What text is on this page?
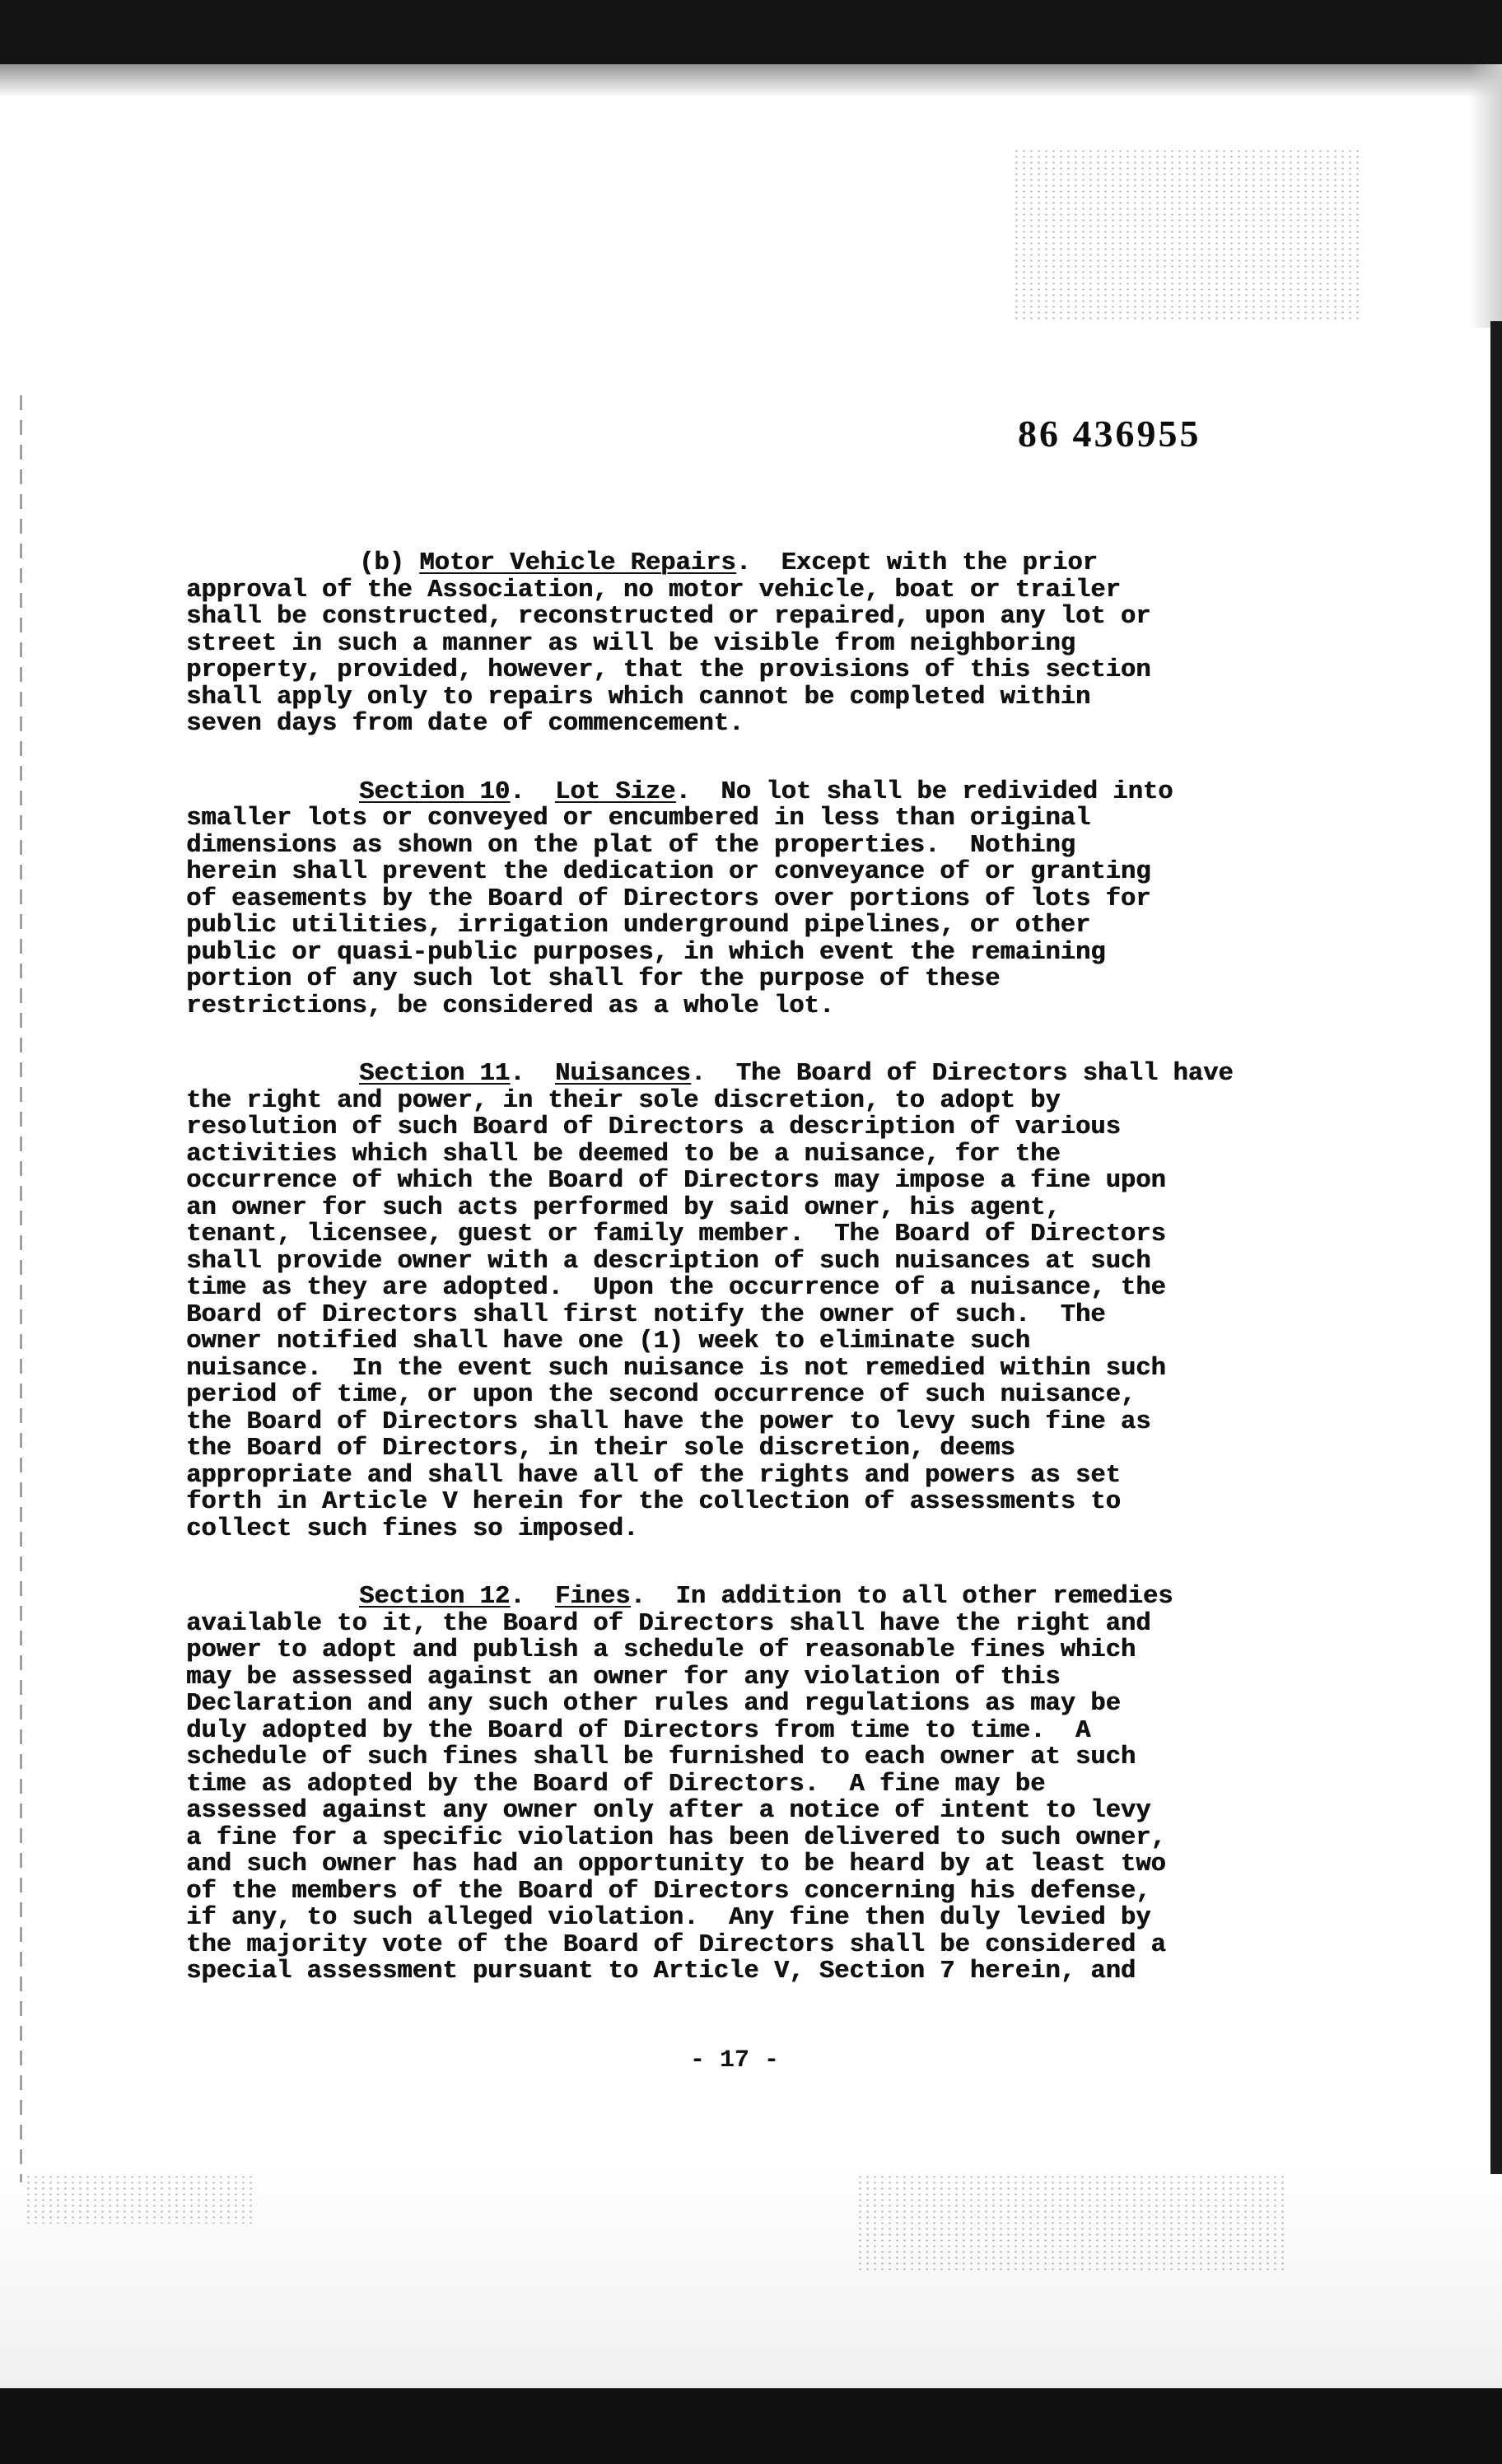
86 436955
(b) Motor Vehicle Repairs.  Except with the prior
approval of the Association, no motor vehicle, boat or trailer
shall be constructed, reconstructed or repaired, upon any lot or
street in such a manner as will be visible from neighboring
property, provided, however, that the provisions of this section
shall apply only to repairs which cannot be completed within
seven days from date of commencement.
Section 10.  Lot Size.  No lot shall be redivided into
smaller lots or conveyed or encumbered in less than original
dimensions as shown on the plat of the properties.  Nothing
herein shall prevent the dedication or conveyance of or granting
of easements by the Board of Directors over portions of lots for
public utilities, irrigation underground pipelines, or other
public or quasi-public purposes, in which event the remaining
portion of any such lot shall for the purpose of these
restrictions, be considered as a whole lot.
Section 11.  Nuisances.  The Board of Directors shall have
the right and power, in their sole discretion, to adopt by
resolution of such Board of Directors a description of various
activities which shall be deemed to be a nuisance, for the
occurrence of which the Board of Directors may impose a fine upon
an owner for such acts performed by said owner, his agent,
tenant, licensee, guest or family member.  The Board of Directors
shall provide owner with a description of such nuisances at such
time as they are adopted.  Upon the occurrence of a nuisance, the
Board of Directors shall first notify the owner of such.  The
owner notified shall have one (1) week to eliminate such
nuisance.  In the event such nuisance is not remedied within such
period of time, or upon the second occurrence of such nuisance,
the Board of Directors shall have the power to levy such fine as
the Board of Directors, in their sole discretion, deems
appropriate and shall have all of the rights and powers as set
forth in Article V herein for the collection of assessments to
collect such fines so imposed.
Section 12.  Fines.  In addition to all other remedies
available to it, the Board of Directors shall have the right and
power to adopt and publish a schedule of reasonable fines which
may be assessed against an owner for any violation of this
Declaration and any such other rules and regulations as may be
duly adopted by the Board of Directors from time to time.  A
schedule of such fines shall be furnished to each owner at such
time as adopted by the Board of Directors.  A fine may be
assessed against any owner only after a notice of intent to levy
a fine for a specific violation has been delivered to such owner,
and such owner has had an opportunity to be heard by at least two
of the members of the Board of Directors concerning his defense,
if any, to such alleged violation.  Any fine then duly levied by
the majority vote of the Board of Directors shall be considered a
special assessment pursuant to Article V, Section 7 herein, and
- 17 -
